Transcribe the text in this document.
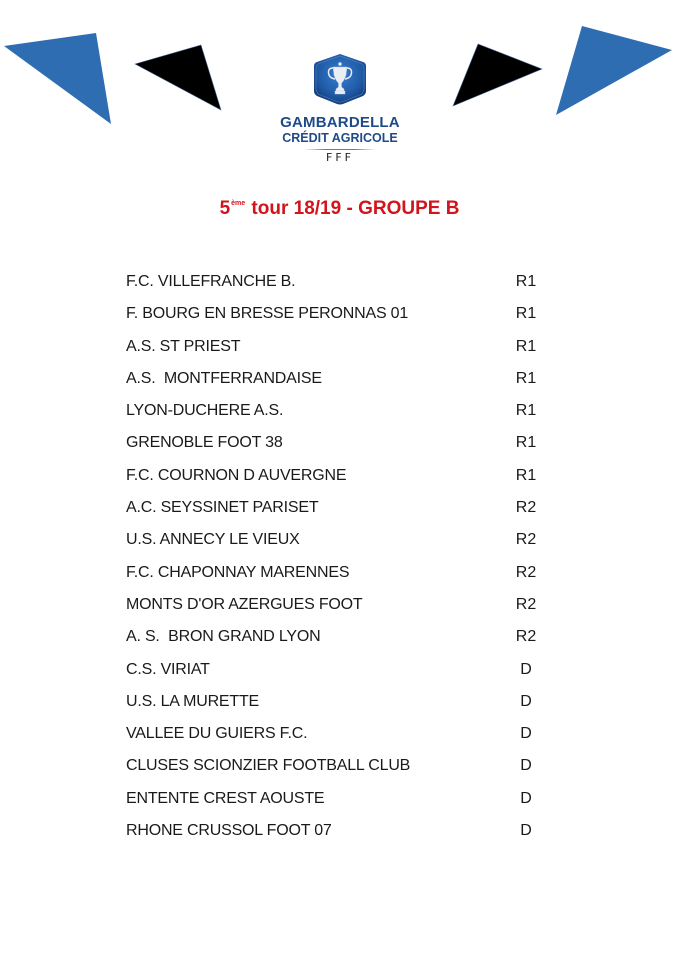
GAMBARDELLA
CRÉDIT AGRICOLE
FFF
5ème tour 18/19 - GROUPE B
F.C. VILLEFRANCHE B.	R1
F. BOURG EN BRESSE PERONNAS 01	R1
A.S. ST PRIEST	R1
A.S.  MONTFERRANDAISE	R1
LYON-DUCHERE A.S.	R1
GRENOBLE FOOT 38	R1
F.C. COURNON D AUVERGNE	R1
A.C. SEYSSINET PARISET	R2
U.S. ANNECY LE VIEUX	R2
F.C. CHAPONNAY MARENNES	R2
MONTS D'OR AZERGUES FOOT	R2
A. S.  BRON GRAND LYON	R2
C.S. VIRIAT	D
U.S. LA MURETTE	D
VALLEE DU GUIERS F.C.	D
CLUSES SCIONZIER FOOTBALL CLUB	D
ENTENTE CREST AOUSTE	D
RHONE CRUSSOL FOOT 07	D
